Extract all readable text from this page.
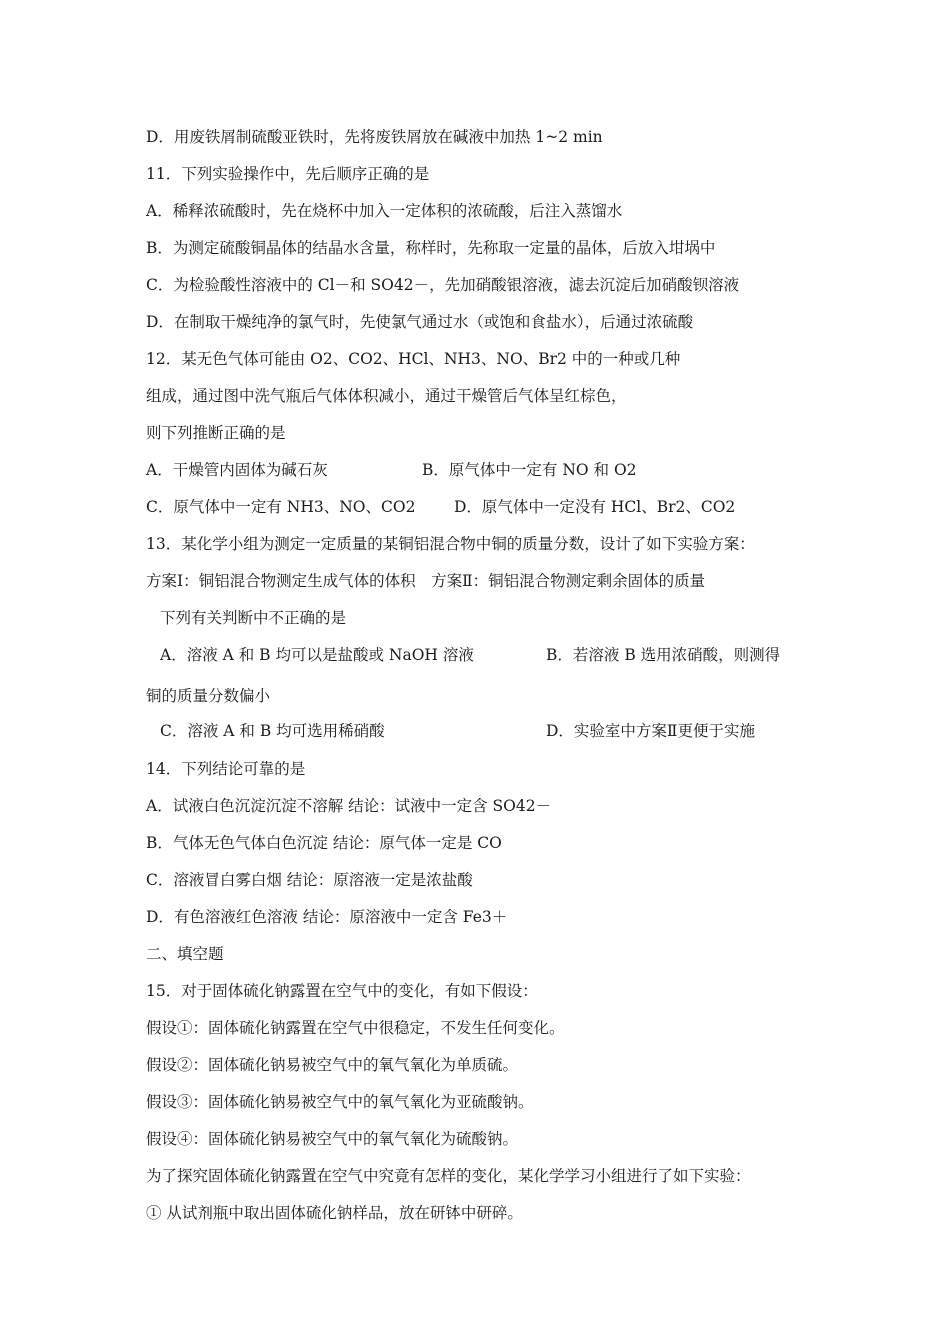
D．用废铁屑制硫酸亚铁时，先将废铁屑放在碱液中加热 1~2 min
11．下列实验操作中，先后顺序正确的是
A．稀释浓硫酸时，先在烧杯中加入一定体积的浓硫酸，后注入蒸馏水
B．为测定硫酸铜晶体的结晶水含量，称样时，先称取一定量的晶体，后放入坩埚中
C．为检验酸性溶液中的 Cl－和 SO42－，先加硝酸银溶液，滤去沉淀后加硝酸钡溶液
D．在制取干燥纯净的氯气时，先使氯气通过水（或饱和食盐水），后通过浓硫酸
12．某无色气体可能由 O2、CO2、HCl、NH3、NO、Br2 中的一种或几种
组成，通过图中洗气瓶后气体体积减小，通过干燥管后气体呈红棕色，
则下列推断正确的是
A．干燥管内固体为碱石灰	B．原气体中一定有 NO 和 O2
C．原气体中一定有 NH3、NO、CO2 D．原气体中一定没有 HCl、Br2、CO2
13．某化学小组为测定一定质量的某铜铝混合物中铜的质量分数，设计了如下实验方案：
方案Ⅰ：铜铝混合物测定生成气体的体积　方案Ⅱ：铜铝混合物测定剩余固体的质量
下列有关判断中不正确的是
A．溶液 A 和 B 均可以是盐酸或 NaOH 溶液	B．若溶液 B 选用浓硝酸，则测得
铜的质量分数偏小
C．溶液 A 和 B 均可选用稀硝酸	D．实验室中方案Ⅱ更便于实施
14．下列结论可靠的是
A．试液白色沉淀沉淀不溶解 结论：试液中一定含 SO42－
B．气体无色气体白色沉淀 结论：原气体一定是 CO
C．溶液冒白雾白烟 结论：原溶液一定是浓盐酸
D．有色溶液红色溶液 结论：原溶液中一定含 Fe3＋
二、填空题
15．对于固体硫化钠露置在空气中的变化，有如下假设：
假设①：固体硫化钠露置在空气中很稳定，不发生任何变化。
假设②：固体硫化钠易被空气中的氧气氧化为单质硫。
假设③：固体硫化钠易被空气中的氧气氧化为亚硫酸钠。
假设④：固体硫化钠易被空气中的氧气氧化为硫酸钠。
为了探究固体硫化钠露置在空气中究竟有怎样的变化，某化学学习小组进行了如下实验：
① 从试剂瓶中取出固体硫化钠样品，放在研钵中研碎。
